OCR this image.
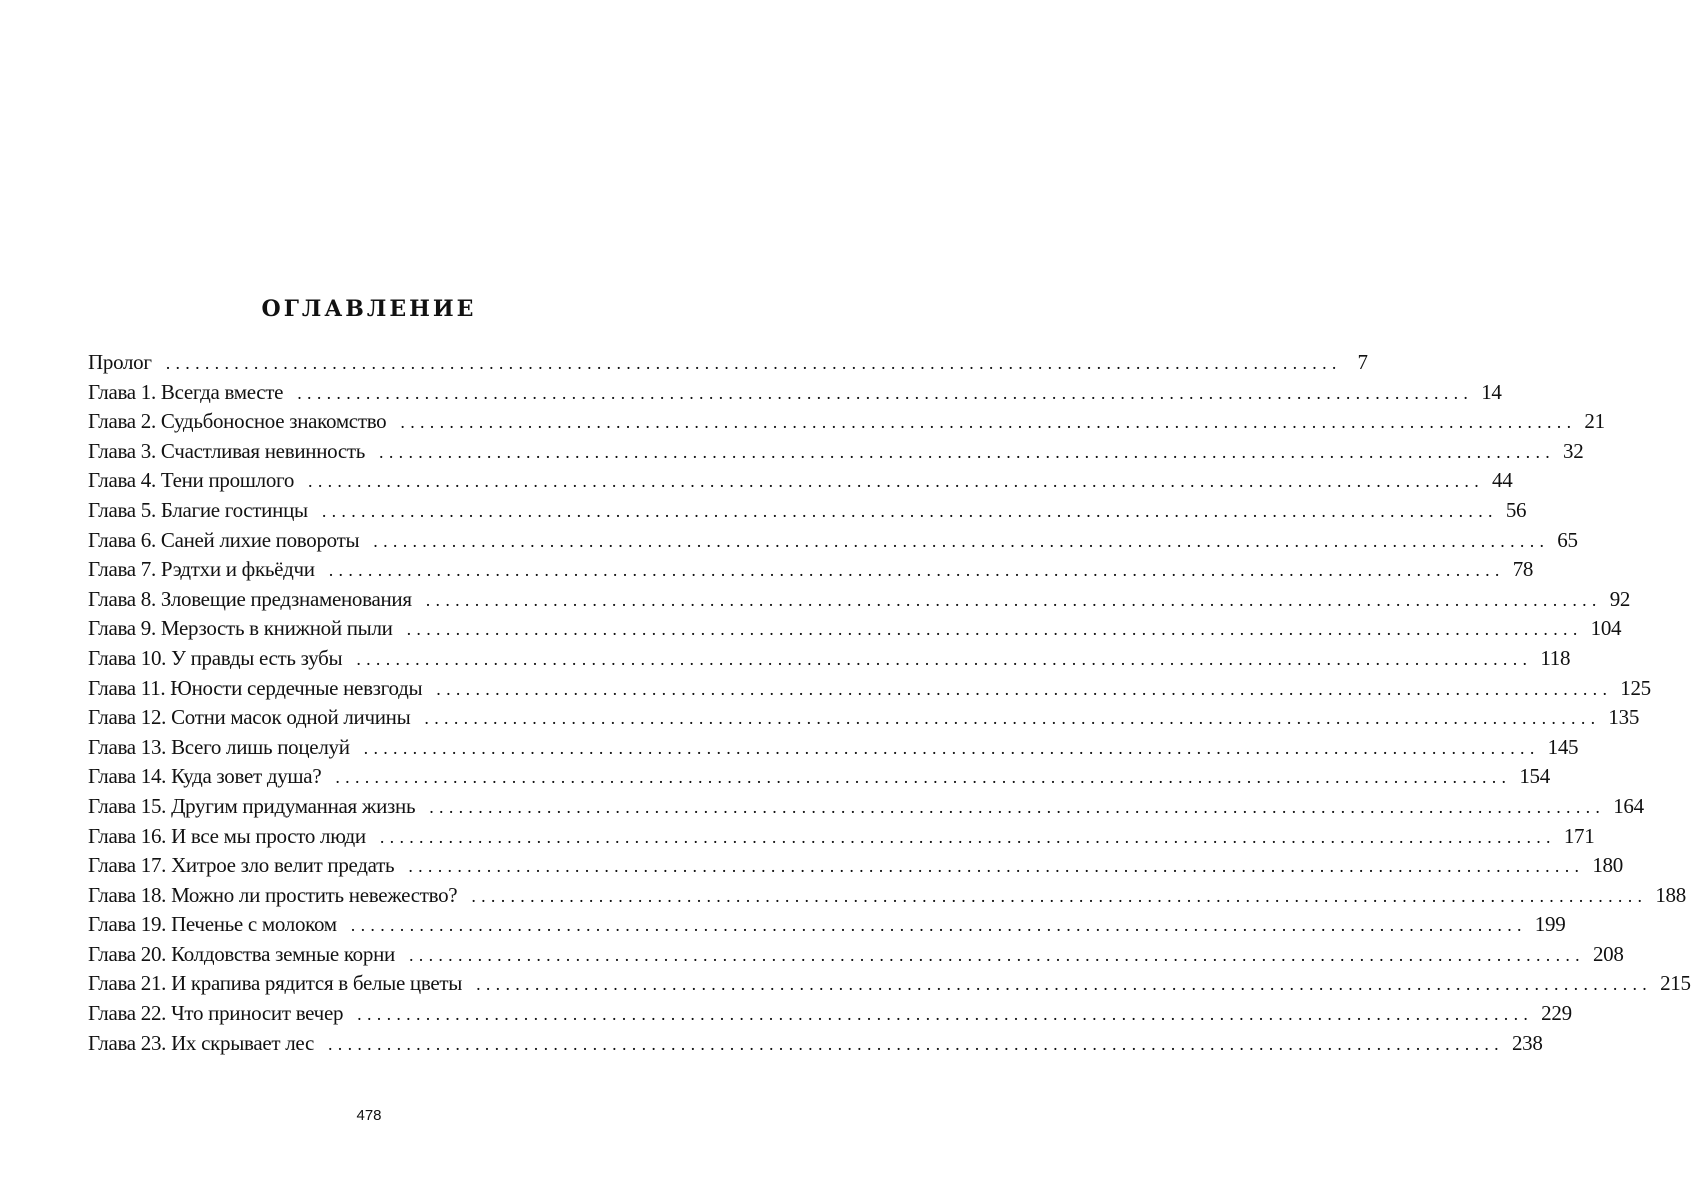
оглавление
Пролог ........................................................................................................................ 7
Глава 1. Всегда вместе ........................................................................................................................ 14
Глава 2. Судьбоносное знакомство ........................................................................................................................ 21
Глава 3. Счастливая невинность ........................................................................................................................ 32
Глава 4. Тени прошлого ........................................................................................................................ 44
Глава 5. Благие гостинцы ........................................................................................................................ 56
Глава 6. Саней лихие повороты ........................................................................................................................ 65
Глава 7. Рэдтхи и фкьёдчи ........................................................................................................................ 78
Глава 8. Зловещие предзнаменования ........................................................................................................................ 92
Глава 9. Мерзость в книжной пыли ........................................................................................................................ 104
Глава 10. У правды есть зубы ........................................................................................................................ 118
Глава 11. Юности сердечные невзгоды ........................................................................................................................ 125
Глава 12. Сотни масок одной личины ........................................................................................................................ 135
Глава 13. Всего лишь поцелуй ........................................................................................................................ 145
Глава 14. Куда зовет душа? ........................................................................................................................ 154
Глава 15. Другим придуманная жизнь ........................................................................................................................ 164
Глава 16. И все мы просто люди ........................................................................................................................ 171
Глава 17. Хитрое зло велит предать ........................................................................................................................ 180
Глава 18. Можно ли простить невежество? ........................................................................................................................ 188
Глава 19. Печенье с молоком ........................................................................................................................ 199
Глава 20. Колдовства земные корни ........................................................................................................................ 208
Глава 21. И крапива рядится в белые цветы ........................................................................................................................ 215
Глава 22. Что приносит вечер ........................................................................................................................ 229
Глава 23. Их скрывает лес ........................................................................................................................ 238
478
